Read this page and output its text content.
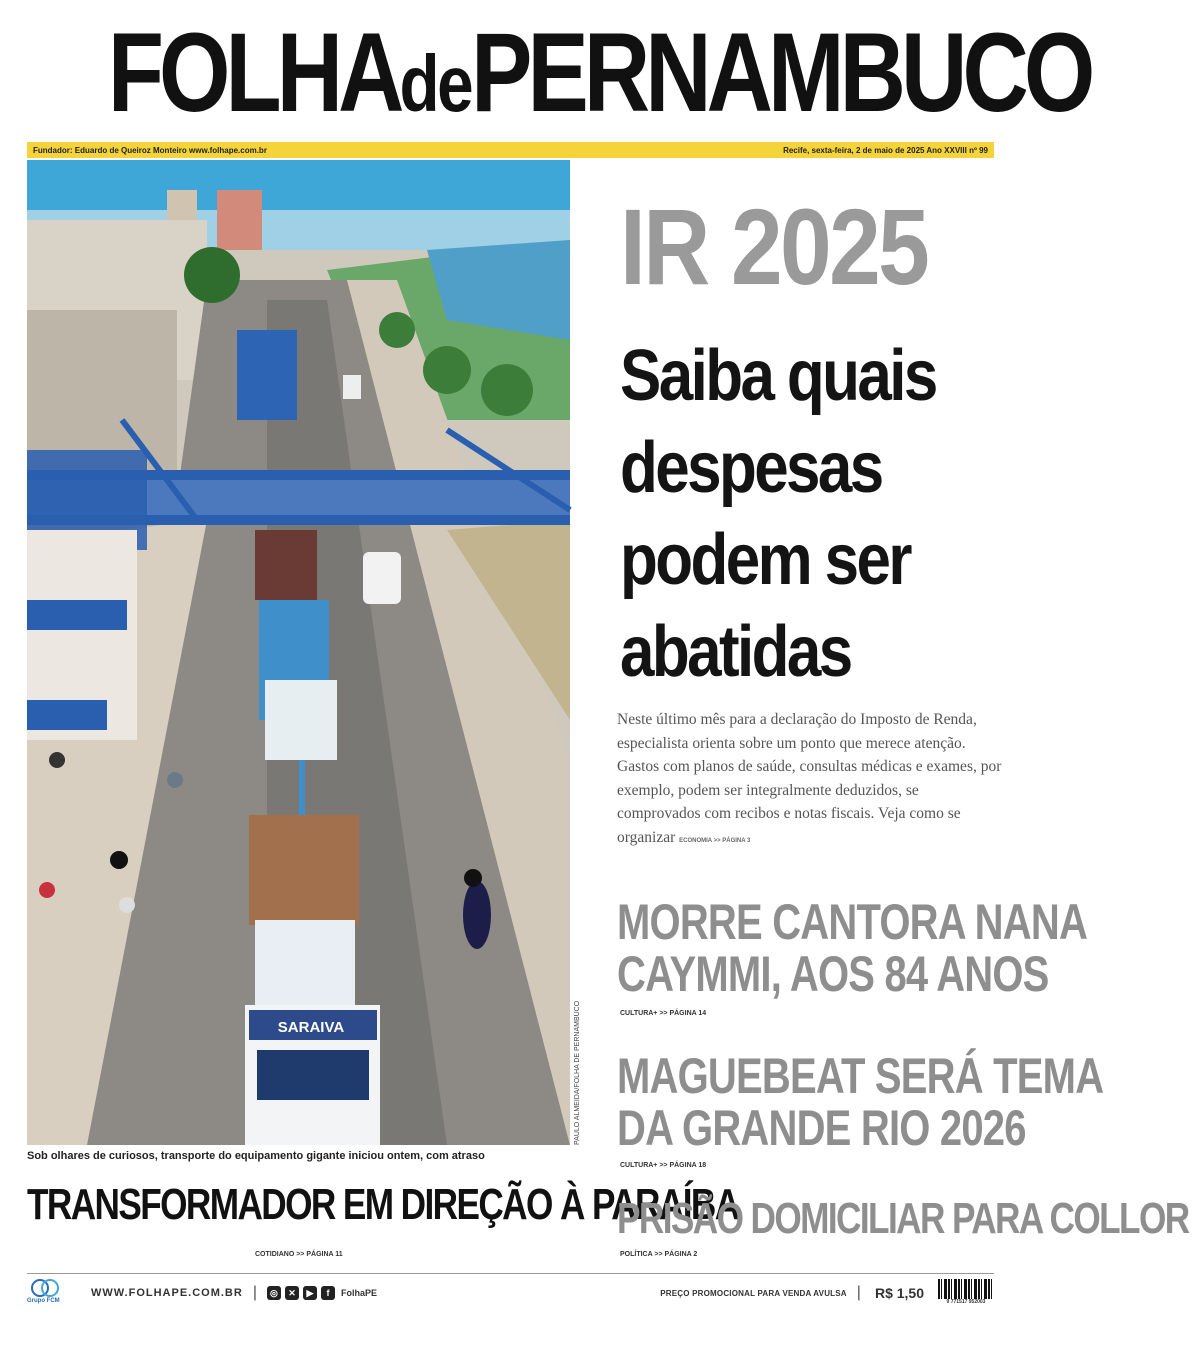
FOLHAdePERNAMBUCO
Fundador: Eduardo de Queiroz Monteiro www.folhape.com.br	Recife, sexta-feira, 2 de maio de 2025 Ano XXVIII nº 99
SARAIVA	PAULO ALMEIDA/FOLHA DE PERNAMBUCO
Sob olhares de curiosos, transporte do equipamento gigante iniciou ontem, com atraso
TRANSFORMADOR EM DIREÇÃO À PARAÍBA
COTIDIANO >> PÁGINA 11
IR 2025
Saiba quais
despesas
podem ser
abatidas
Neste último mês para a declaração do Imposto de Renda, especialista orienta sobre um ponto que merece atenção. Gastos com planos de saúde, consultas médicas e exames, por exemplo, podem ser integralmente deduzidos, se comprovados com recibos e notas fiscais. Veja como se organizar ECONOMIA >> PÁGINA 3
MORRE CANTORA NANA
CAYMMI, AOS 84 ANOS
CULTURA+ >> PÁGINA 14
MAGUEBEAT SERÁ TEMA
DA GRANDE RIO 2026
CULTURA+ >> PÁGINA 18
PRISÃO DOMICILIAR PARA COLLOR
POLÍTICA >> PÁGINA 2
Grupo FCM
WWW.FOLHAPE.COM.BR |	◎	✕	▶	f	FolhaPE	PREÇO PROMOCIONAL PARA VENDA AVULSA | R$ 1,50
9 771517 952003
